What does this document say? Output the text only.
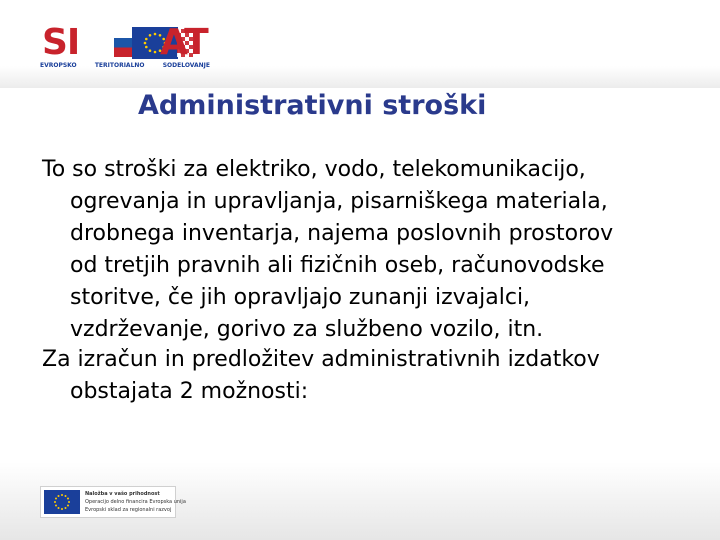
SI AT
EVROPSKO	TERITORIALNO	SODELOVANJE
Administrativni stroški
To so stroški za elektriko, vodo, telekomunikacijo,
ogrevanja in upravljanja, pisarniškega materiala,
drobnega inventarja, najema poslovnih prostorov
od tretjih pravnih ali fizičnih oseb, računovodske
storitve, če jih opravljajo zunanji izvajalci,
vzdrževanje, gorivo za službeno vozilo, itn.
Za izračun in predložitev administrativnih izdatkov
obstajata 2 možnosti:
Naložba v vašo prihodnost
Operacijo delno financira Evropska unija
Evropski sklad za regionalni razvoj
